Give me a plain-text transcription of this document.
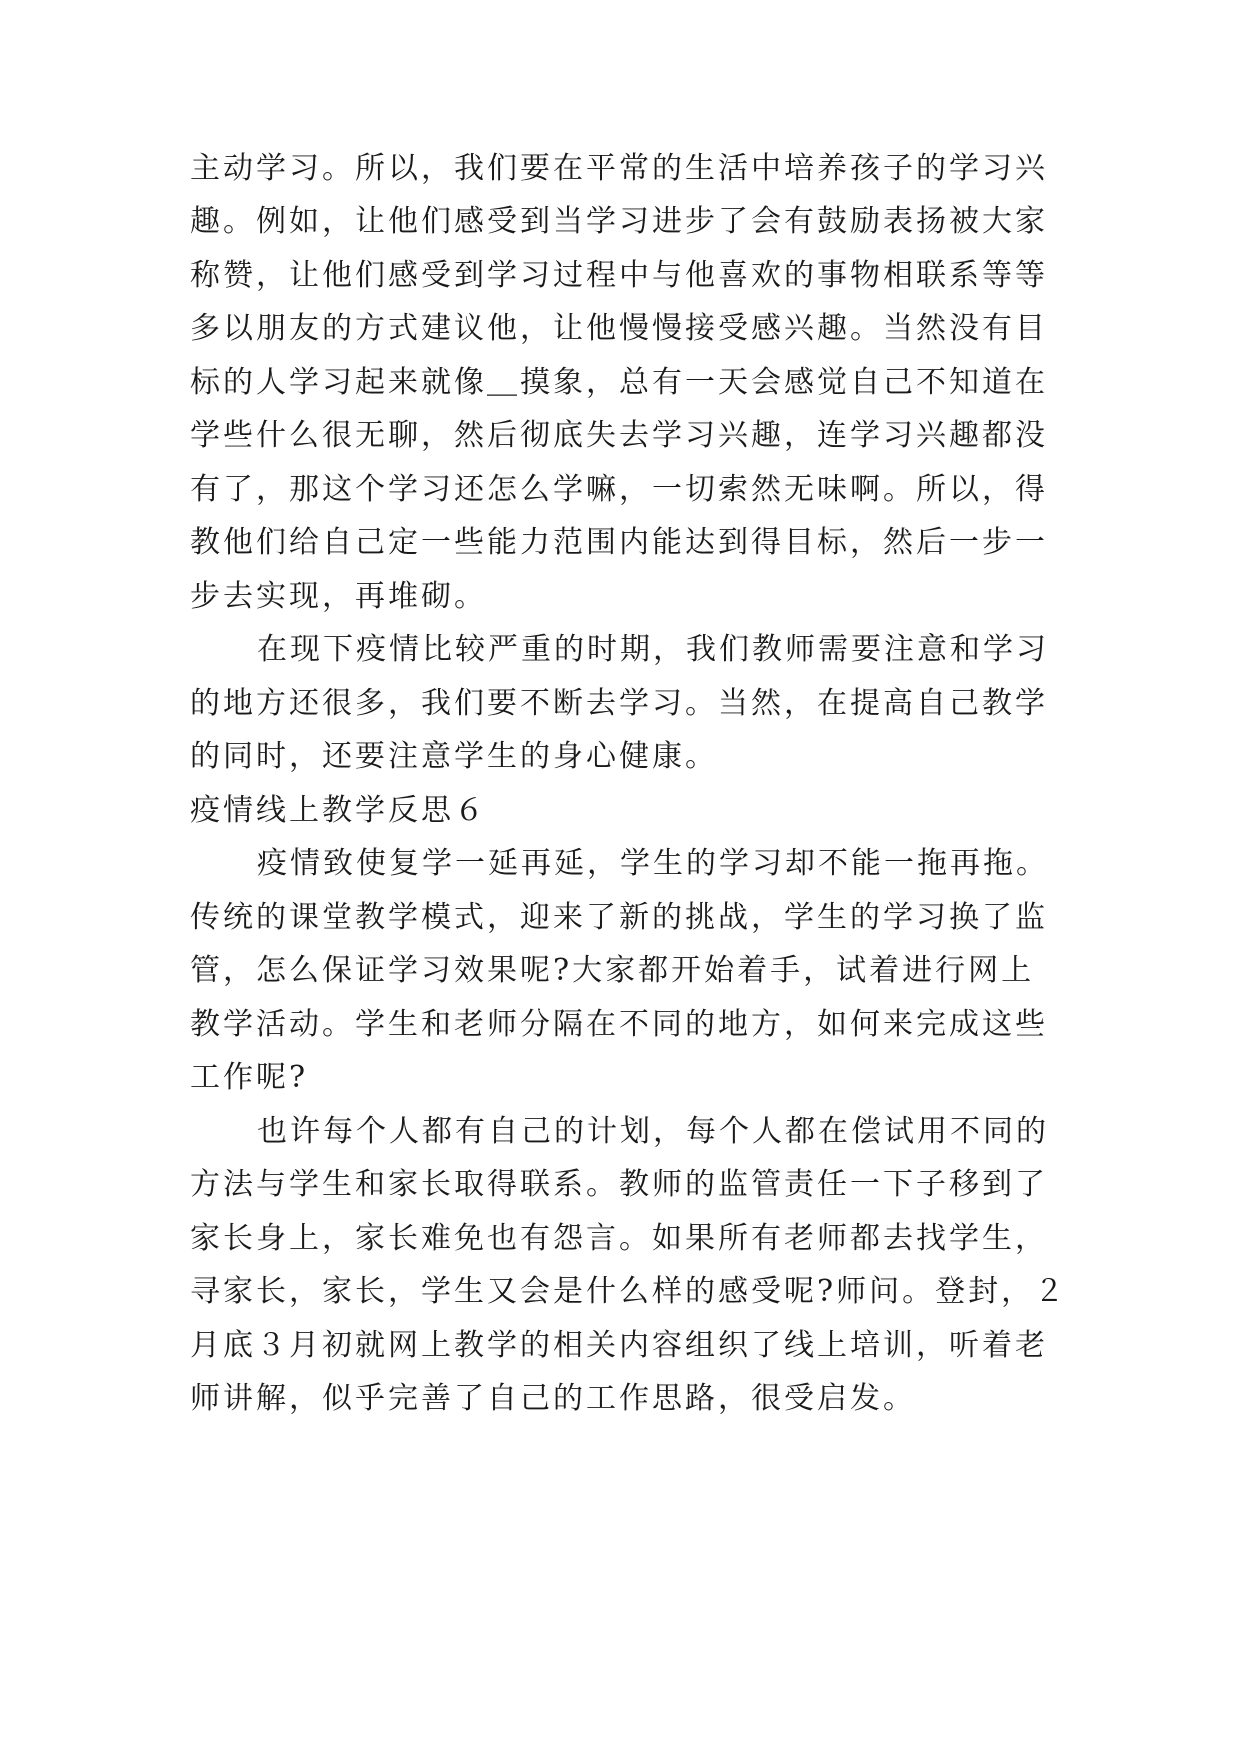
主动学习。所以，我们要在平常的生活中培养孩子的学习兴
趣。例如，让他们感受到当学习进步了会有鼓励表扬被大家
称赞，让他们感受到学习过程中与他喜欢的事物相联系等等
多以朋友的方式建议他，让他慢慢接受感兴趣。当然没有目
标的人学习起来就像＿摸象，总有一天会感觉自己不知道在
学些什么很无聊，然后彻底失去学习兴趣，连学习兴趣都没
有了，那这个学习还怎么学嘛，一切索然无味啊。所以，得
教他们给自己定一些能力范围内能达到得目标，然后一步一
步去实现，再堆砌。
在现下疫情比较严重的时期，我们教师需要注意和学习
的地方还很多，我们要不断去学习。当然，在提高自己教学
的同时，还要注意学生的身心健康。
疫情线上教学反思６
疫情致使复学一延再延，学生的学习却不能一拖再拖。
传统的课堂教学模式，迎来了新的挑战，学生的学习换了监
管，怎么保证学习效果呢?大家都开始着手，试着进行网上
教学活动。学生和老师分隔在不同的地方，如何来完成这些
工作呢?
也许每个人都有自己的计划，每个人都在偿试用不同的
方法与学生和家长取得联系。教师的监管责任一下子移到了
家长身上，家长难免也有怨言。如果所有老师都去找学生，
寻家长，家长，学生又会是什么样的感受呢?师问。登封，２
月底３月初就网上教学的相关内容组织了线上培训，听着老
师讲解，似乎完善了自己的工作思路，很受启发。
